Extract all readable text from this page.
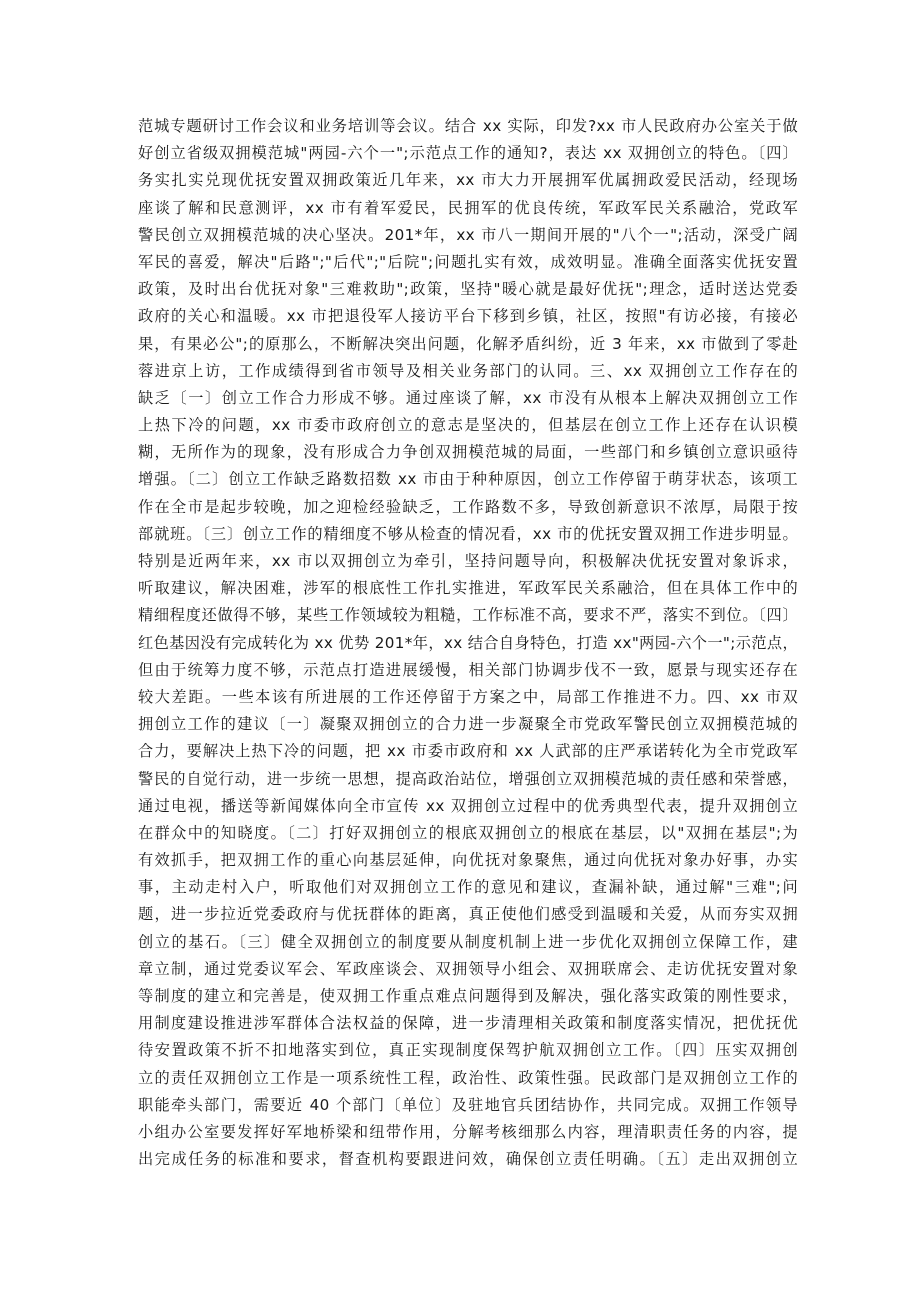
范城专题研讨工作会议和业务培训等会议。结合 xx 实际，印发?xx 市人民政府办公室关于做
好创立省级双拥模范城"两园-六个一";示范点工作的通知?，表达 xx 双拥创立的特色。〔四〕
务实扎实兑现优抚安置双拥政策近几年来，xx 市大力开展拥军优属拥政爱民活动，经现场
座谈了解和民意测评，xx 市有着军爱民，民拥军的优良传统，军政军民关系融洽，党政军
警民创立双拥模范城的决心坚决。201*年，xx 市八一期间开展的"八个一";活动，深受广阔
军民的喜爱，解决"后路";"后代";"后院";问题扎实有效，成效明显。准确全面落实优抚安置
政策，及时出台优抚对象"三难救助";政策，坚持"暖心就是最好优抚";理念，适时送达党委
政府的关心和温暖。xx 市把退役军人接访平台下移到乡镇，社区，按照"有访必接，有接必
果，有果必公";的原那么，不断解决突出问题，化解矛盾纠纷，近 3 年来，xx 市做到了零赴
蓉进京上访，工作成绩得到省市领导及相关业务部门的认同。三、xx 双拥创立工作存在的
缺乏〔一〕创立工作合力形成不够。通过座谈了解，xx 市没有从根本上解决双拥创立工作
上热下冷的问题，xx 市委市政府创立的意志是坚决的，但基层在创立工作上还存在认识模
糊，无所作为的现象，没有形成合力争创双拥模范城的局面，一些部门和乡镇创立意识亟待
增强。〔二〕创立工作缺乏路数招数 xx 市由于种种原因，创立工作停留于萌芽状态，该项工
作在全市是起步较晚，加之迎检经验缺乏，工作路数不多，导致创新意识不浓厚，局限于按
部就班。〔三〕创立工作的精细度不够从检查的情况看，xx 市的优抚安置双拥工作进步明显。
特别是近两年来，xx 市以双拥创立为牵引，坚持问题导向，积极解决优抚安置对象诉求，
听取建议，解决困难，涉军的根底性工作扎实推进，军政军民关系融洽，但在具体工作中的
精细程度还做得不够，某些工作领域较为粗糙，工作标准不高，要求不严，落实不到位。〔四〕
红色基因没有完成转化为 xx 优势 201*年，xx 结合自身特色，打造 xx"两园-六个一";示范点，
但由于统筹力度不够，示范点打造进展缓慢，相关部门协调步伐不一致，愿景与现实还存在
较大差距。一些本该有所进展的工作还停留于方案之中，局部工作推进不力。四、xx 市双
拥创立工作的建议〔一〕凝聚双拥创立的合力进一步凝聚全市党政军警民创立双拥模范城的
合力，要解决上热下冷的问题，把 xx 市委市政府和 xx 人武部的庄严承诺转化为全市党政军
警民的自觉行动，进一步统一思想，提高政治站位，增强创立双拥模范城的责任感和荣誉感，
通过电视，播送等新闻媒体向全市宣传 xx 双拥创立过程中的优秀典型代表，提升双拥创立
在群众中的知晓度。〔二〕打好双拥创立的根底双拥创立的根底在基层，以"双拥在基层";为
有效抓手，把双拥工作的重心向基层延伸，向优抚对象聚焦，通过向优抚对象办好事，办实
事，主动走村入户，听取他们对双拥创立工作的意见和建议，查漏补缺，通过解"三难";问
题，进一步拉近党委政府与优抚群体的距离，真正使他们感受到温暖和关爱，从而夯实双拥
创立的基石。〔三〕健全双拥创立的制度要从制度机制上进一步优化双拥创立保障工作，建
章立制，通过党委议军会、军政座谈会、双拥领导小组会、双拥联席会、走访优抚安置对象
等制度的建立和完善是，使双拥工作重点难点问题得到及解决，强化落实政策的刚性要求，
用制度建设推进涉军群体合法权益的保障，进一步清理相关政策和制度落实情况，把优抚优
待安置政策不折不扣地落实到位，真正实现制度保驾护航双拥创立工作。〔四〕压实双拥创
立的责任双拥创立工作是一项系统性工程，政治性、政策性强。民政部门是双拥创立工作的
职能牵头部门，需要近 40 个部门〔单位〕及驻地官兵团结协作，共同完成。双拥工作领导
小组办公室要发挥好军地桥梁和纽带作用，分解考核细那么内容，理清职责任务的内容，提
出完成任务的标准和要求，督查机构要跟进问效，确保创立责任明确。〔五〕走出双拥创立
